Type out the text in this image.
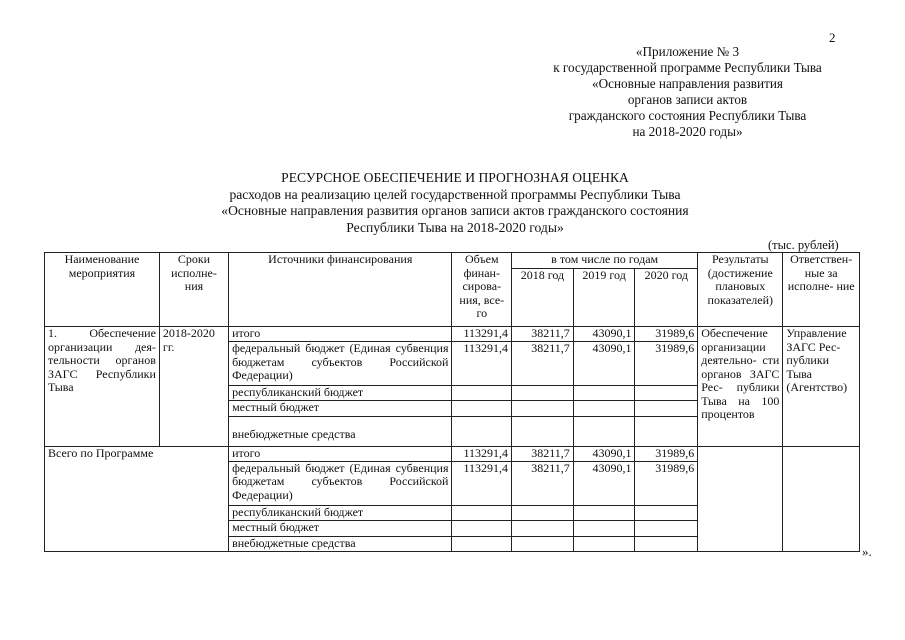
2
«Приложение № 3
к государственной программе Республики Тыва
«Основные направления развития
органов записи актов
гражданского состояния Республики Тыва
на 2018-2020 годы»
РЕСУРСНОЕ ОБЕСПЕЧЕНИЕ И ПРОГНОЗНАЯ ОЦЕНКА
расходов на реализацию целей государственной программы Республики Тыва
«Основные направления развития органов записи актов гражданского состояния
Республики Тыва на 2018-2020 годы»
(тыс. рублей)
Наименование мероприятия	Сроки исполне- ния	Источники финансирования	Объем финан- сирова- ния, все- го	в том числе по годам			Результаты (достижение плановых показателей)	Ответствен- ные за исполне- ние
				2018 год	2019 год	2020 год		
1. Обеспечение организации дея- тельности органов ЗАГС Республики Тыва	2018-2020 гг.	итого	113291,4	38211,7	43090,1	31989,6	Обеспечение организации деятельно- сти органов ЗАГС Рес- публики Тыва на 100 процентов	Управление ЗАГС Рес- публики Тыва (Агентство)
		федеральный бюджет (Единая субвенция бюджетам субъектов Российской Федерации)	113291,4	38211,7	43090,1	31989,6		
		республиканский бюджет						
		местный бюджет						
		внебюджетные средства						
Всего по Программе		итого	113291,4	38211,7	43090,1	31989,6		
		федеральный бюджет (Единая субвенция бюджетам субъектов Российской Федерации)	113291,4	38211,7	43090,1	31989,6		
		республиканский бюджет						
		местный бюджет						
		внебюджетные средства						
».
